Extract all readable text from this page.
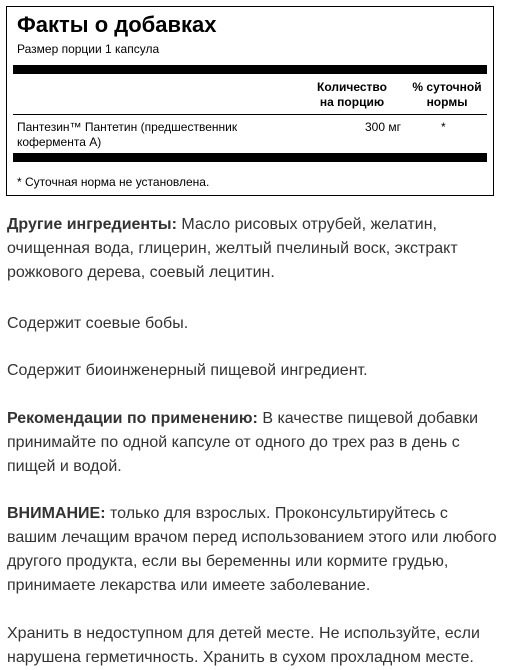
Факты о добавках
Размер порции 1 капсула
Количество на порцию
% суточной нормы
Пантезин™ Пантетин (предшественник кофермента A)
300 мг	*
* Суточная норма не установлена.

Другие ингредиенты: Масло рисовых отрубей, желатин, очищенная вода, глицерин, желтый пчелиный воск, экстракт рожкового дерева, соевый лецитин.

Содержит соевые бобы.

Содержит биоинженерный пищевой ингредиент.

Рекомендации по применению: В качестве пищевой добавки принимайте по одной капсуле от одного до трех раз в день с пищей и водой.

ВНИМАНИЕ: только для взрослых. Проконсультируйтесь с вашим лечащим врачом перед использованием этого или любого другого продукта, если вы беременны или кормите грудью, принимаете лекарства или имеете заболевание.

Хранить в недоступном для детей месте. Не используйте, если нарушена герметичность. Хранить в сухом прохладном месте.
